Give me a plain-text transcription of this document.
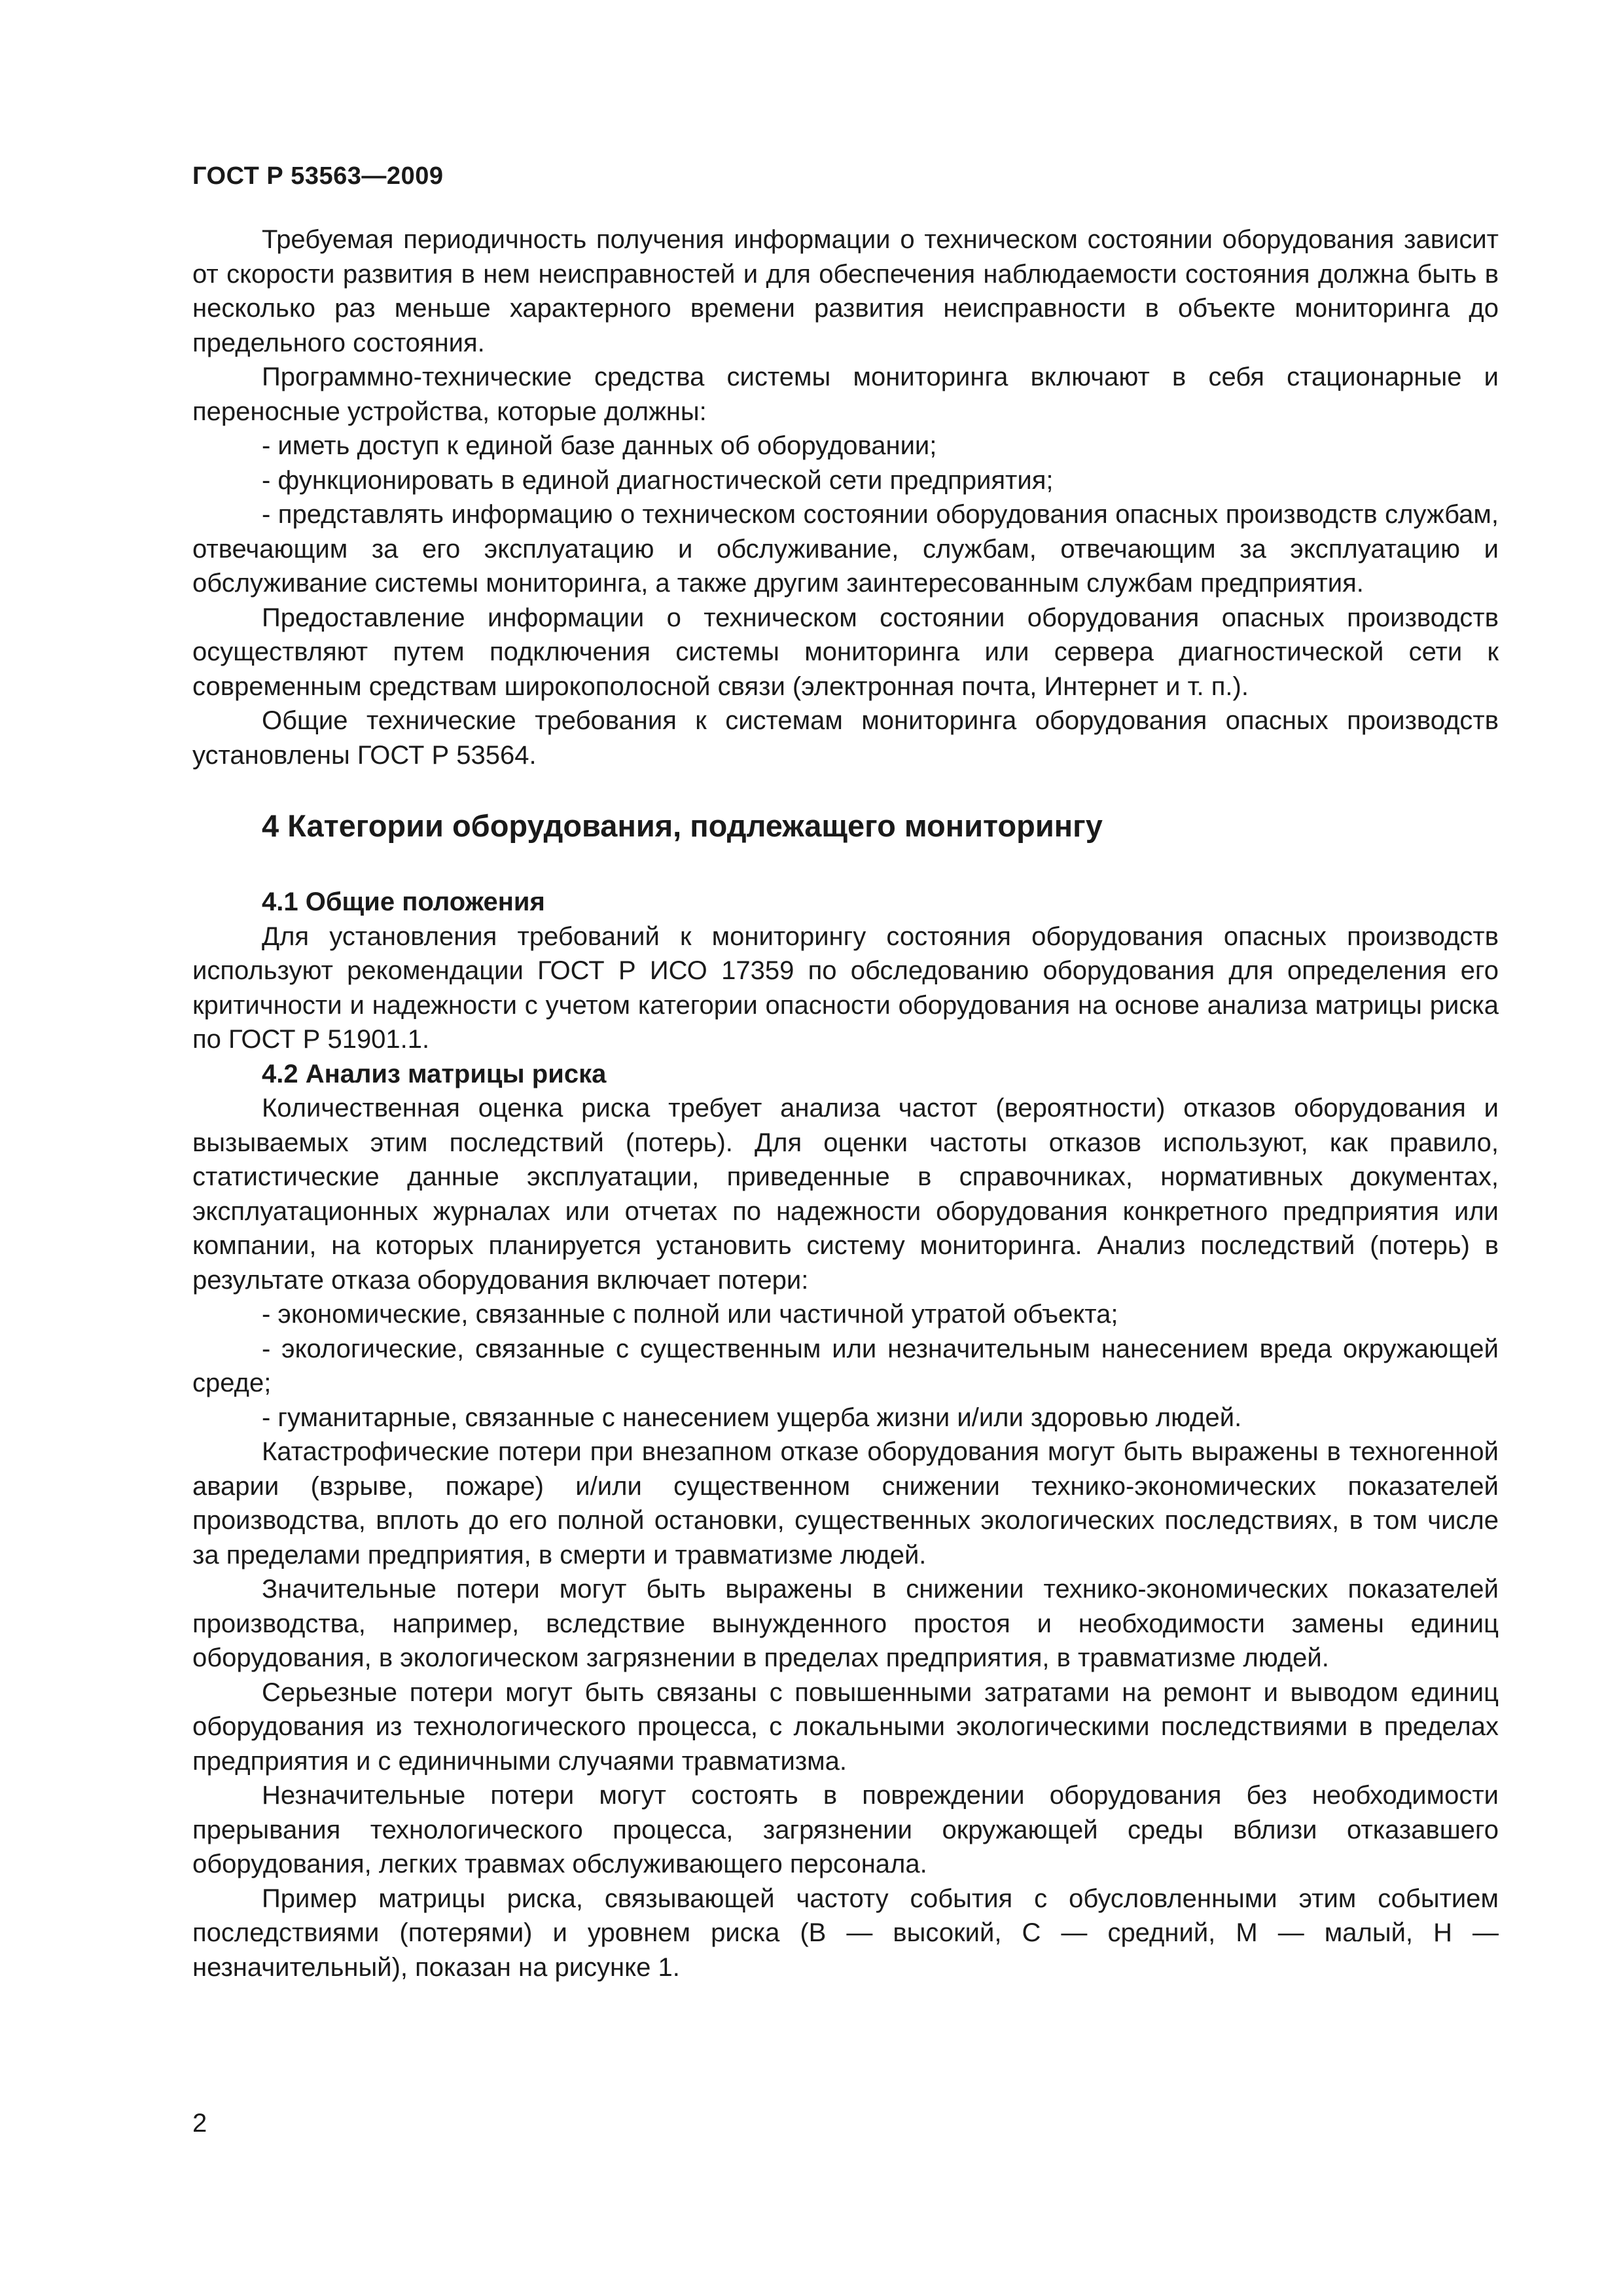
ГОСТ Р 53563—2009

Требуемая периодичность получения информации о техническом состоянии оборудования зависит от скорости развития в нем неисправностей и для обеспечения наблюдаемости состояния должна быть в несколько раз меньше характерного времени развития неисправности в объекте мониторинга до предельного состояния.

Программно-технические средства системы мониторинга включают в себя стационарные и переносные устройства, которые должны:

- иметь доступ к единой базе данных об оборудовании;

- функционировать в единой диагностической сети предприятия;

- представлять информацию о техническом состоянии оборудования опасных производств службам, отвечающим за его эксплуатацию и обслуживание, службам, отвечающим за эксплуатацию и обслуживание системы мониторинга, а также другим заинтересованным службам предприятия.

Предоставление информации о техническом состоянии оборудования опасных производств осуществляют путем подключения системы мониторинга или сервера диагностической сети к современным средствам широкополосной связи (электронная почта, Интернет и т. п.).

Общие технические требования к системам мониторинга оборудования опасных производств установлены ГОСТ Р 53564.

4 Категории оборудования, подлежащего мониторингу
4.1 Общие положения

Для установления требований к мониторингу состояния оборудования опасных производств используют рекомендации ГОСТ Р ИСО 17359 по обследованию оборудования для определения его критичности и надежности с учетом категории опасности оборудования на основе анализа матрицы риска по ГОСТ Р 51901.1.

4.2 Анализ матрицы риска

Количественная оценка риска требует анализа частот (вероятности) отказов оборудования и вызываемых этим последствий (потерь). Для оценки частоты отказов используют, как правило, статистические данные эксплуатации, приведенные в справочниках, нормативных документах, эксплуатационных журналах или отчетах по надежности оборудования конкретного предприятия или компании, на которых планируется установить систему мониторинга. Анализ последствий (потерь) в результате отказа оборудования включает потери:

- экономические, связанные с полной или частичной утратой объекта;

- экологические, связанные с существенным или незначительным нанесением вреда окружающей среде;

- гуманитарные, связанные с нанесением ущерба жизни и/или здоровью людей.

Катастрофические потери при внезапном отказе оборудования могут быть выражены в техногенной аварии (взрыве, пожаре) и/или существенном снижении технико-экономических показателей производства, вплоть до его полной остановки, существенных экологических последствиях, в том числе за пределами предприятия, в смерти и травматизме людей.

Значительные потери могут быть выражены в снижении технико-экономических показателей производства, например, вследствие вынужденного простоя и необходимости замены единиц оборудования, в экологическом загрязнении в пределах предприятия, в травматизме людей.

Серьезные потери могут быть связаны с повышенными затратами на ремонт и выводом единиц оборудования из технологического процесса, с локальными экологическими последствиями в пределах предприятия и с единичными случаями травматизма.

Незначительные потери могут состоять в повреждении оборудования без необходимости прерывания технологического процесса, загрязнении окружающей среды вблизи отказавшего оборудования, легких травмах обслуживающего персонала.

Пример матрицы риска, связывающей частоту события с обусловленными этим событием последствиями (потерями) и уровнем риска (В — высокий, С — средний, М — малый, Н — незначительный), показан на рисунке 1.

2
